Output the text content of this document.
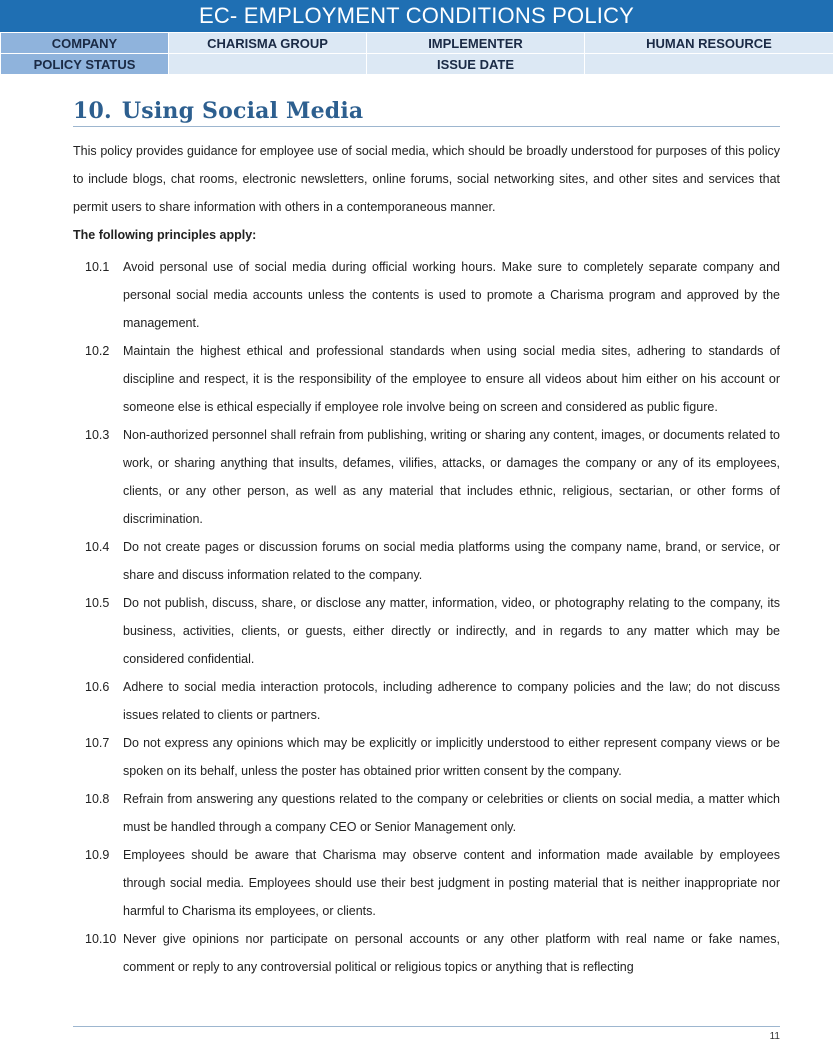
EC- EMPLOYMENT CONDITIONS POLICY
COMPANY	CHARISMA GROUP	IMPLEMENTER	HUMAN RESOURCE
POLICY STATUS		ISSUE DATE	
10. Using Social Media

This policy provides guidance for employee use of social media, which should be broadly understood for purposes of this policy to include blogs, chat rooms, electronic newsletters, online forums, social networking sites, and other sites and services that permit users to share information with others in a contemporaneous manner.

The following principles apply:

10.1	Avoid personal use of social media during official working hours. Make sure to completely separate company and personal social media accounts unless the contents is used to promote a Charisma program and approved by the management.
10.2	Maintain the highest ethical and professional standards when using social media sites, adhering to standards of discipline and respect, it is the responsibility of the employee to ensure all videos about him either on his account or someone else is ethical especially if employee role involve being on screen and considered as public figure.
10.3	Non-authorized personnel shall refrain from publishing, writing or sharing any content, images, or documents related to work, or sharing anything that insults, defames, vilifies, attacks, or damages the company or any of its employees, clients, or any other person, as well as any material that includes ethnic, religious, sectarian, or other forms of discrimination.
10.4	Do not create pages or discussion forums on social media platforms using the company name, brand, or service, or share and discuss information related to the company.
10.5	Do not publish, discuss, share, or disclose any matter, information, video, or photography relating to the company, its business, activities, clients, or guests, either directly or indirectly, and in regards to any matter which may be considered confidential.
10.6	Adhere to social media interaction protocols, including adherence to company policies and the law; do not discuss issues related to clients or partners.
10.7	Do not express any opinions which may be explicitly or implicitly understood to either represent company views or be spoken on its behalf, unless the poster has obtained prior written consent by the company.
10.8	Refrain from answering any questions related to the company or celebrities or clients on social media, a matter which must be handled through a company CEO or Senior Management only.
10.9	Employees should be aware that Charisma may observe content and information made available by employees through social media. Employees should use their best judgment in posting material that is neither inappropriate nor harmful to Charisma its employees, or clients.
10.10 Never give opinions nor participate on personal accounts or any other platform with real name or fake names, comment or reply to any controversial political or religious topics or anything that is reflecting
11
